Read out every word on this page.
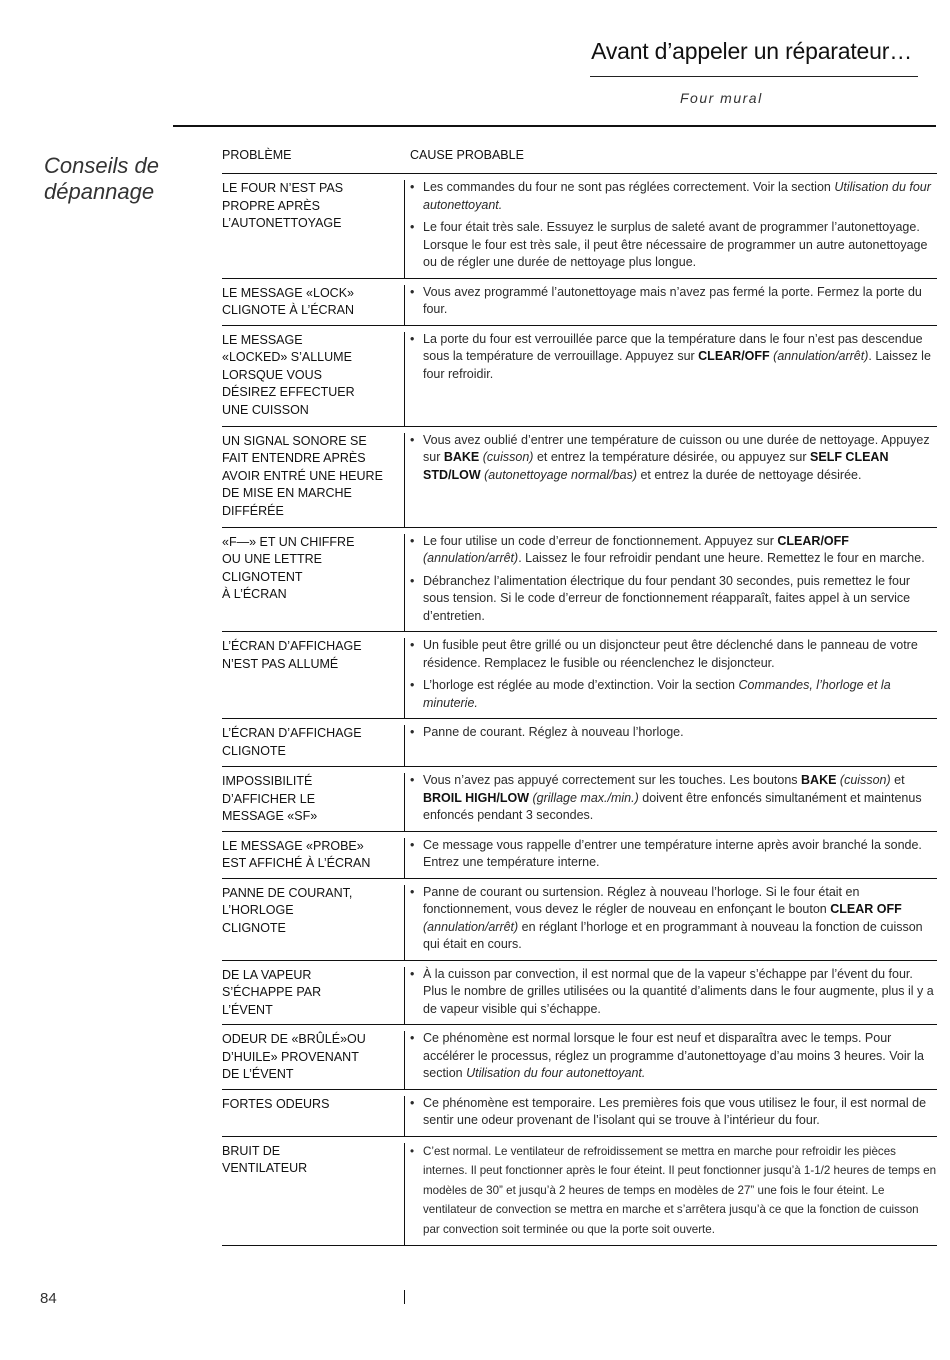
Avant d’appeler un réparateur…
Four mural
Conseils de
dépannage
PROBLÈME	CAUSE PROBABLE
LE FOUR N’EST PAS
PROPRE APRÈS
L’AUTONETTOYAGE
• Les commandes du four ne sont pas réglées correctement. Voir la section Utilisation du four autonettoyant.
• Le four était très sale. Essuyez le surplus de saleté avant de programmer l’autonettoyage. Lorsque le four est très sale, il peut être nécessaire de programmer un autre autonettoyage ou de régler une durée de nettoyage plus longue.
LE MESSAGE «LOCK»
CLIGNOTE À L’ÉCRAN
• Vous avez programmé l’autonettoyage mais n’avez pas fermé la porte. Fermez la porte du four.
LE MESSAGE
«LOCKED» S’ALLUME
LORSQUE VOUS
DÉSIREZ EFFECTUER
UNE CUISSON
• La porte du four est verrouillée parce que la température dans le four n’est pas descendue sous la température de verrouillage. Appuyez sur CLEAR/OFF (annulation/arrêt). Laissez le four refroidir.
UN SIGNAL SONORE SE
FAIT ENTENDRE APRÈS
AVOIR ENTRÉ UNE HEURE
DE MISE EN MARCHE
DIFFÉRÉE
• Vous avez oublié d’entrer une température de cuisson ou une durée de nettoyage. Appuyez sur BAKE (cuisson) et entrez la température désirée, ou appuyez sur SELF CLEAN STD/LOW (autonettoyage normal/bas) et entrez la durée de nettoyage désirée.
«F—» ET UN CHIFFRE
OU UNE LETTRE
CLIGNOTENT
À L’ÉCRAN
• Le four utilise un code d’erreur de fonctionnement. Appuyez sur CLEAR/OFF (annulation/arrêt). Laissez le four refroidir pendant une heure. Remettez le four en marche.
• Débranchez l’alimentation électrique du four pendant 30 secondes, puis remettez le four sous tension. Si le code d’erreur de fonctionnement réapparaît, faites appel à un service d’entretien.
L’ÉCRAN D’AFFICHAGE
N’EST PAS ALLUMÉ
• Un fusible peut être grillé ou un disjoncteur peut être déclenché dans le panneau de votre résidence. Remplacez le fusible ou réenclenchez le disjoncteur.
• L’horloge est réglée au mode d’extinction. Voir la section Commandes, l’horloge et la minuterie.
L’ÉCRAN D’AFFICHAGE
CLIGNOTE
• Panne de courant. Réglez à nouveau l’horloge.
IMPOSSIBILITÉ
D’AFFICHER LE
MESSAGE «SF»
• Vous n’avez pas appuyé correctement sur les touches. Les boutons BAKE (cuisson) et BROIL HIGH/LOW (grillage max./min.) doivent être enfoncés simultanément et maintenus enfoncés pendant 3 secondes.
LE MESSAGE «PROBE»
EST AFFICHÉ À L’ÉCRAN
• Ce message vous rappelle d’entrer une température interne après avoir branché la sonde. Entrez une température interne.
PANNE DE COURANT,
L’HORLOGE
CLIGNOTE
• Panne de courant ou surtension. Réglez à nouveau l’horloge. Si le four était en fonctionnement, vous devez le régler de nouveau en enfonçant le bouton CLEAR OFF (annulation/arrêt) en réglant l’horloge et en programmant à nouveau la fonction de cuisson qui était en cours.
DE LA VAPEUR
S’ÉCHAPPE PAR
L’ÉVENT
• À la cuisson par convection, il est normal que de la vapeur s’échappe par l’évent du four. Plus le nombre de grilles utilisées ou la quantité d’aliments dans le four augmente, plus il y a de vapeur visible qui s’échappe.
ODEUR DE «BRÛLÉ»OU
D’HUILE» PROVENANT
DE L’ÉVENT
• Ce phénomène est normal lorsque le four est neuf et disparaîtra avec le temps. Pour accélérer le processus, réglez un programme d’autonettoyage d’au moins 3 heures. Voir la section Utilisation du four autonettoyant.
FORTES ODEURS	• Ce phénomène est temporaire. Les premières fois que vous utilisez le four, il est normal de sentir une odeur provenant de l’isolant qui se trouve à l’intérieur du four.
BRUIT DE
VENTILATEUR
• C’est normal. Le ventilateur de refroidissement se mettra en marche pour refroidir les pièces internes. Il peut fonctionner après le four éteint. Il peut fonctionner jusqu’à 1-1/2 heures de temps en modèles de 30” et jusqu’à 2 heures de temps en modèles de 27” une fois le four éteint. Le ventilateur de convection se mettra en marche et s’arrêtera jusqu’à ce que la fonction de cuisson par convection soit terminée ou que la porte soit ouverte.
84
